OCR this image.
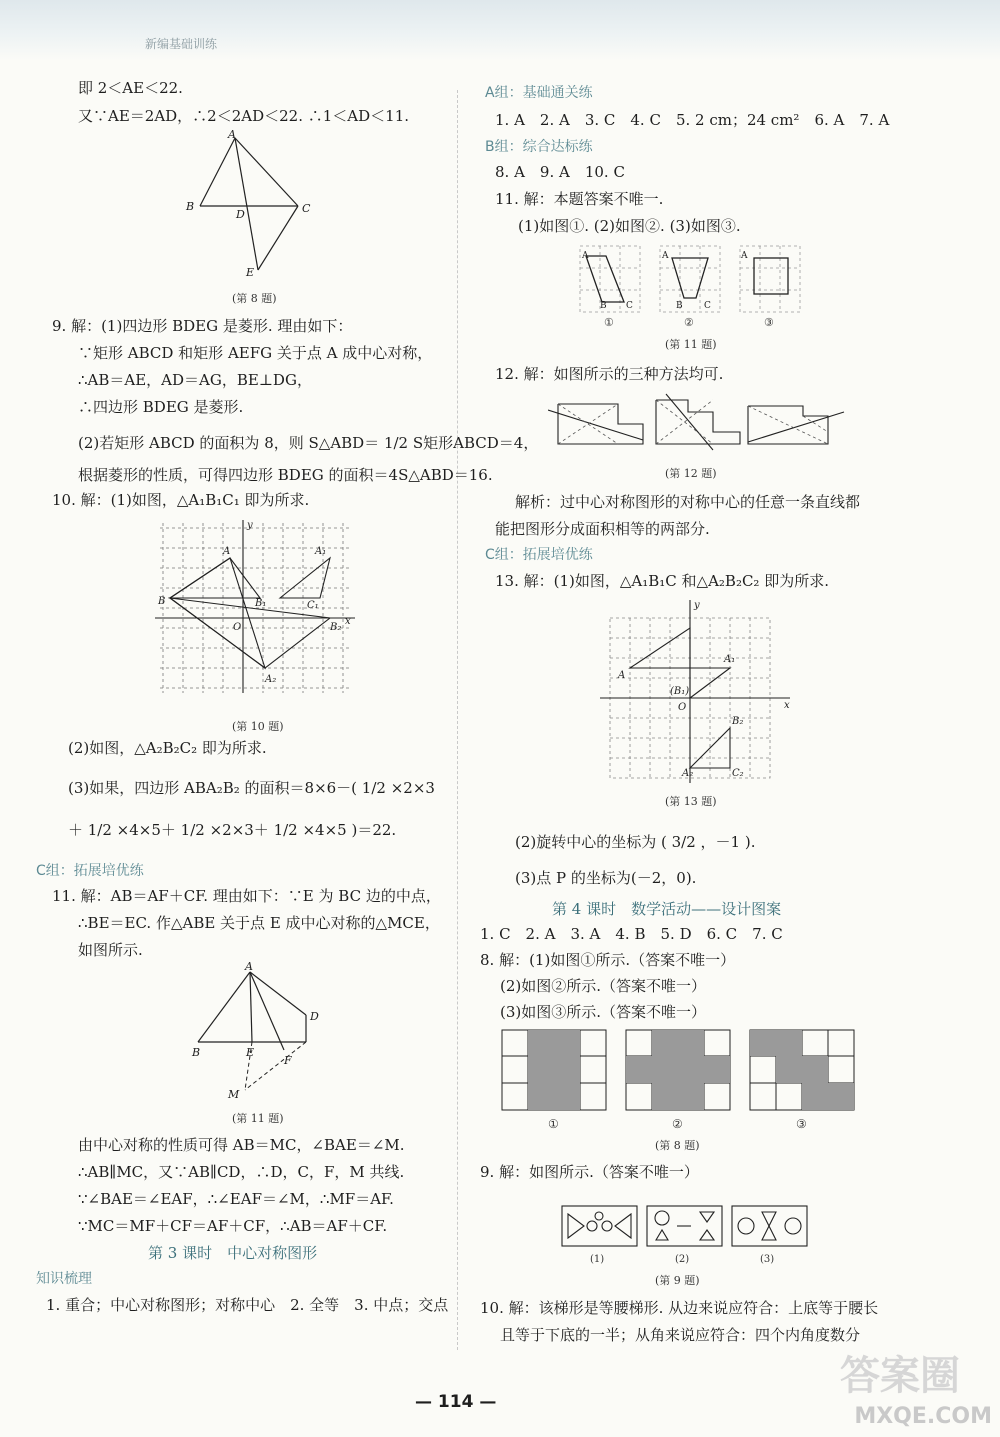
新编基础训练
即 2＜AE＜22.
又∵AE＝2AD，∴2＜2AD＜22. ∴1＜AD＜11.
A
B	C
D
E
(第 8 题)
9. 解：(1)四边形 BDEG 是菱形. 理由如下：
∵矩形 ABCD 和矩形 AEFG 关于点 A 成中心对称，
∴AB＝AE，AD＝AG，BE⊥DG，
∴四边形 BDEG 是菱形.
(2)若矩形 ABCD 的面积为 8，则 S△ABD＝ 1/2 S矩形ABCD＝4，
根据菱形的性质，可得四边形 BDEG 的面积＝4S△ABD＝16.
10. 解：(1)如图，△A₁B₁C₁ 即为所求.
A	A₁
B	B₁	C₁
A₂
B₂
x
y
O
(第 10 题)
(2)如图，△A₂B₂C₂ 即为所求.
(3)如果，四边形 ABA₂B₂ 的面积＝8×6－( 1/2 ×2×3
＋ 1/2 ×4×5＋ 1/2 ×2×3＋ 1/2 ×4×5 )＝22.
C组：拓展培优练
11. 解：AB＝AF＋CF. 理由如下：∵E 为 BC 边的中点，
∴BE＝EC. 作△ABE 关于点 E 成中心对称的△MCE，
如图所示.
A
B	E
F
D
M
(第 11 题)
由中心对称的性质可得 AB＝MC，∠BAE＝∠M.
∴AB∥MC，又∵AB∥CD，∴D，C，F，M 共线.
∵∠BAE＝∠EAF，∴∠EAF＝∠M，∴MF＝AF.
∵MC＝MF＋CF＝AF＋CF，∴AB＝AF＋CF.
第 3 课时　中心对称图形
知识梳理
1. 重合；中心对称图形；对称中心　2. 全等　3. 中点；交点
A组：基础通关练
1. A　2. A　3. C　4. C　5. 2 cm；24 cm²　6. A　7. A
B组：综合达标练
8. A　9. A　10. C
11. 解：本题答案不唯一.
(1)如图①. (2)如图②. (3)如图③.
A
B C
A
B C
A
①	②	③
(第 11 题)
12. 解：如图所示的三种方法均可.
(第 12 题)
解析：过中心对称图形的对称中心的任意一条直线都
能把图形分成面积相等的两部分.
C组：拓展培优练
13. 解：(1)如图，△A₁B₁C 和△A₂B₂C₂ 即为所求.
A
A₁
(B₁)
B₂
C₂
A₂
x
y
O
(第 13 题)
(2)旋转中心的坐标为 ( 3/2 ，－1 ).
(3)点 P 的坐标为(－2，0).
第 4 课时　数学活动——设计图案
1. C　2. A　3. A　4. B　5. D　6. C　7. C
8. 解：(1)如图①所示.（答案不唯一）
(2)如图②所示.（答案不唯一）
(3)如图③所示.（答案不唯一）
①	②	③
(第 8 题)
9. 解：如图所示.（答案不唯一）
(1)	(2)	(3)
(第 9 题)
10. 解：该梯形是等腰梯形. 从边来说应符合：上底等于腰长
且等于下底的一半；从角来说应符合：四个内角度数分
— 114 —
答案圈
MXQE.COM
